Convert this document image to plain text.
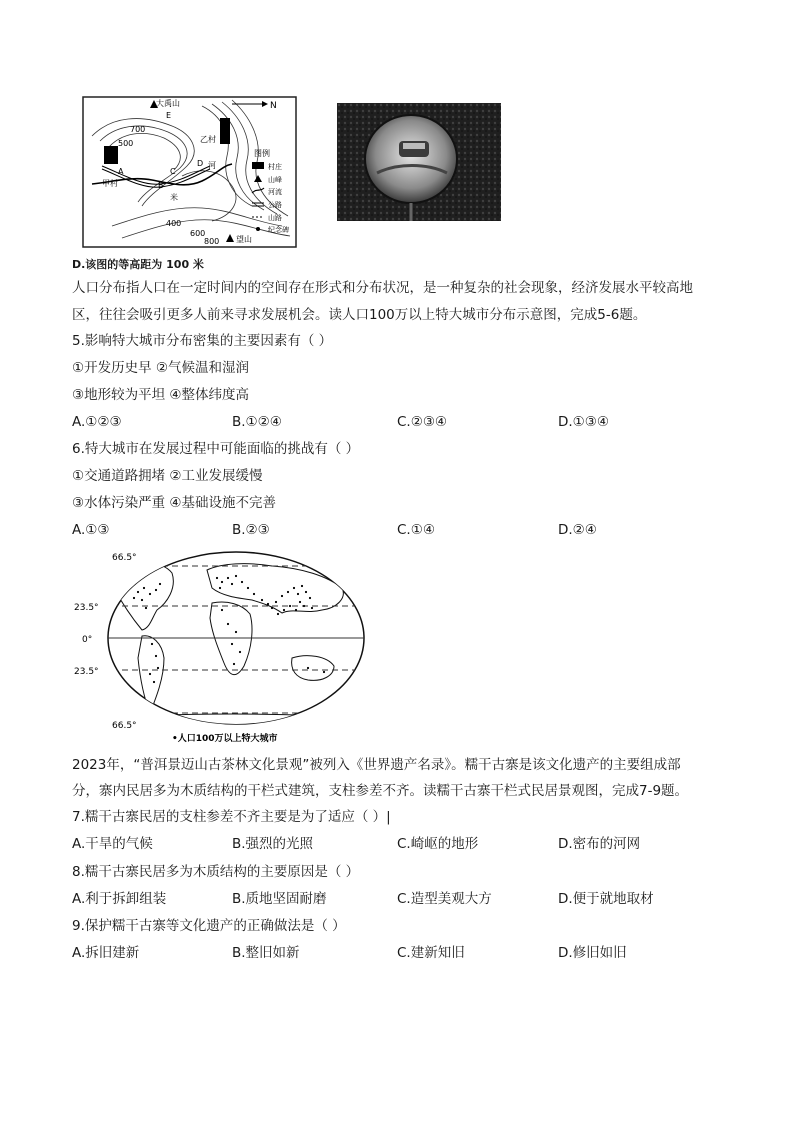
N
大禹山
E
700
500	乙村
D 河
A	C
B
甲村
米
400
600
800 望山
图例
村庄
山峰
河流
公路
山路
纪念碑
D.该图的等高距为 100 米
人口分布指人口在一定时间内的空间存在形式和分布状况，是一种复杂的社会现象，经济发展水平较高地
区，往往会吸引更多人前来寻求发展机会。读人口100万以上特大城市分布示意图，完成5-6题。
5.影响特大城市分布密集的主要因素有（ ）
①开发历史早 ②气候温和湿润
③地形较为平坦 ④整体纬度高
A.①②③	B.①②④	C.②③④	D.①③④
6.特大城市在发展过程中可能面临的挑战有（ ）
①交通道路拥堵 ②工业发展缓慢
③水体污染严重 ④基础设施不完善
A.①③	B.②③	C.①④	D.②④
66.5°
23.5°
0°
23.5°
66.5°
•人口100万以上特大城市
2023年，“普洱景迈山古茶林文化景观”被列入《世界遗产名录》。糯干古寨是该文化遗产的主要组成部
分，寨内民居多为木质结构的干栏式建筑，支柱参差不齐。读糯干古寨干栏式民居景观图，完成7-9题。
7.糯干古寨民居的支柱参差不齐主要是为了适应（ ）|
A.干旱的气候	B.强烈的光照	C.崎岖的地形	D.密布的河网
8.糯干古寨民居多为木质结构的主要原因是（ ）
A.利于拆卸组装	B.质地坚固耐磨	C.造型美观大方	D.便于就地取材
9.保护糯干古寨等文化遗产的正确做法是（ ）
A.拆旧建新	B.整旧如新	C.建新知旧	D.修旧如旧
